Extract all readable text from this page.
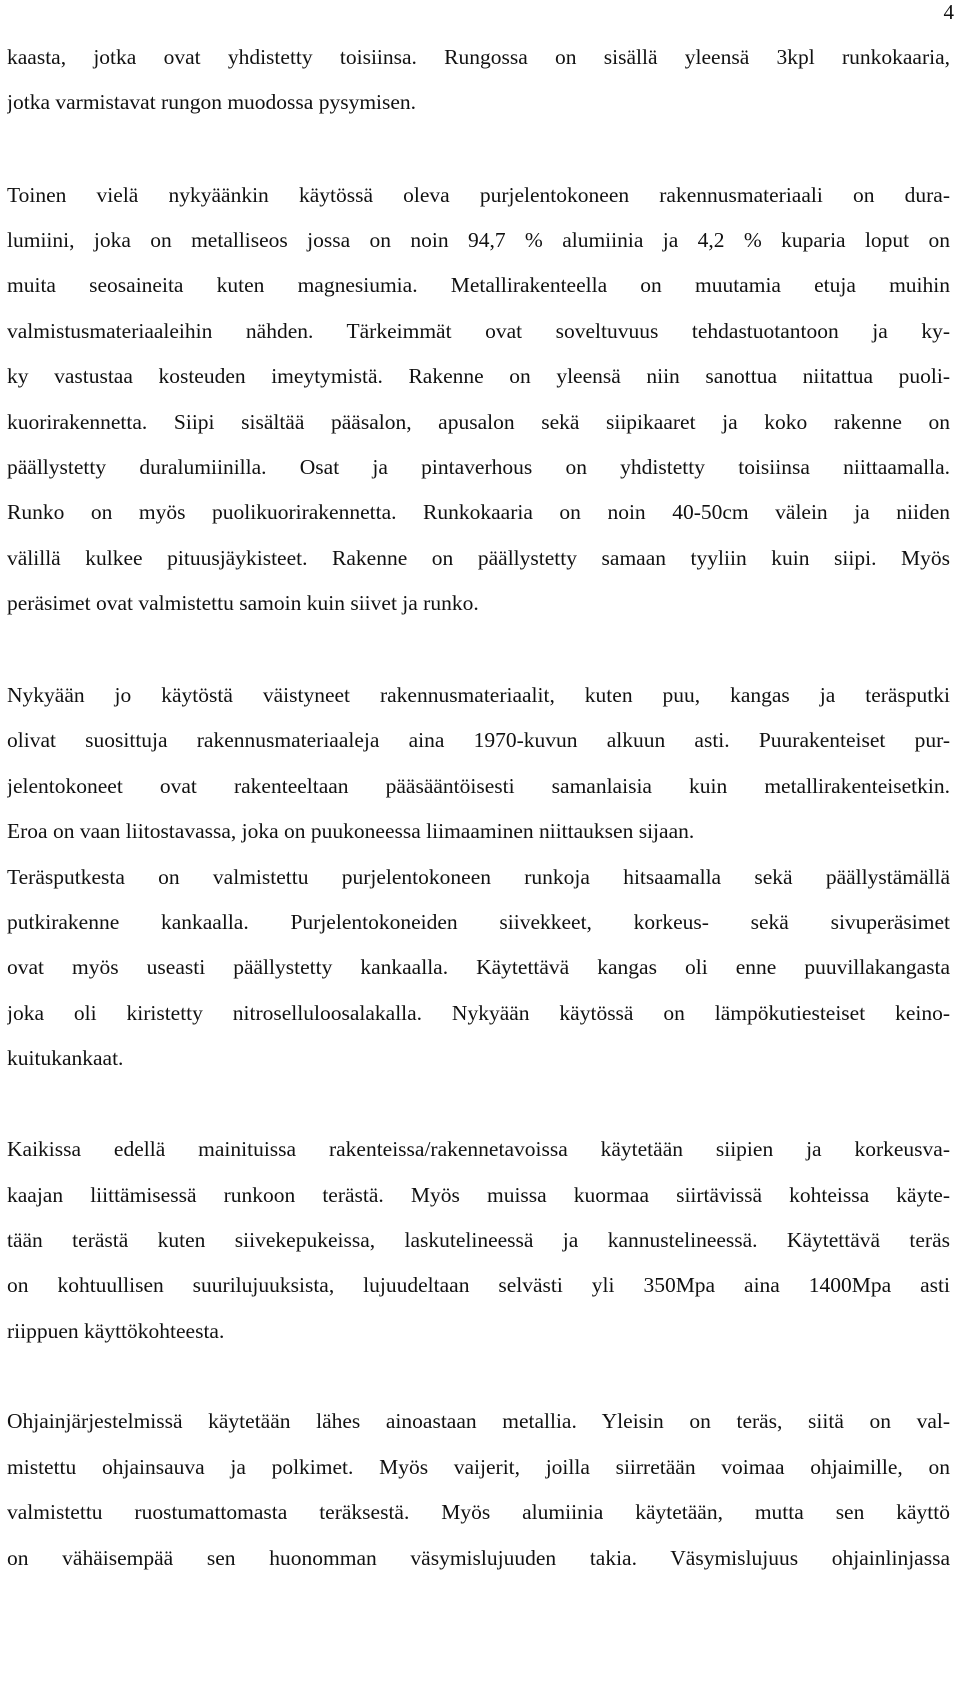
4
kaasta, jotka ovat yhdistetty toisiinsa. Rungossa on sisällä yleensä 3kpl runkokaaria,
jotka varmistavat rungon muodossa pysymisen.
Toinen vielä nykyäänkin käytössä oleva purjelentokoneen rakennusmateriaali on dura-
lumiini, joka on metalliseos jossa on noin 94,7 % alumiinia ja 4,2 % kuparia loput on
muita seosaineita kuten magnesiumia. Metallirakenteella on muutamia etuja muihin
valmistusmateriaaleihin nähden. Tärkeimmät ovat soveltuvuus tehdastuotantoon ja ky-
ky vastustaa kosteuden imeytymistä. Rakenne on yleensä niin sanottua niitattua puoli-
kuorirakennetta. Siipi sisältää pääsalon, apusalon sekä siipikaaret ja koko rakenne on
päällystetty duralumiinilla. Osat ja pintaverhous on yhdistetty toisiinsa niittaamalla.
Runko on myös puolikuorirakennetta. Runkokaaria on noin 40-50cm välein ja niiden
välillä kulkee pituusjäykisteet. Rakenne on päällystetty samaan tyyliin kuin siipi. Myös
peräsimet ovat valmistettu samoin kuin siivet ja runko.
Nykyään jo käytöstä väistyneet rakennusmateriaalit, kuten puu, kangas ja teräsputki
olivat suosittuja rakennusmateriaaleja aina 1970-kuvun alkuun asti. Puurakenteiset pur-
jelentokoneet ovat rakenteeltaan pääsääntöisesti samanlaisia kuin metallirakenteisetkin.
Eroa on vaan liitostavassa, joka on puukoneessa liimaaminen niittauksen sijaan.
Teräsputkesta on valmistettu purjelentokoneen runkoja hitsaamalla sekä päällystämällä
putkirakenne kankaalla. Purjelentokoneiden siivekkeet, korkeus- sekä sivuperäsimet
ovat myös useasti päällystetty kankaalla. Käytettävä kangas oli enne puuvillakangasta
joka oli kiristetty nitroselluloosalakalla. Nykyään käytössä on lämpökutiesteiset keino-
kuitukankaat.
Kaikissa edellä mainituissa rakenteissa/rakennetavoissa käytetään siipien ja korkeusva-
kaajan liittämisessä runkoon terästä. Myös muissa kuormaa siirtävissä kohteissa käyte-
tään terästä kuten siivekepukeissa, laskutelineessä ja kannustelineessä. Käytettävä teräs
on kohtuullisen suurilujuuksista, lujuudeltaan selvästi yli 350Mpa aina 1400Mpa asti
riippuen käyttökohteesta.
Ohjainjärjestelmissä käytetään lähes ainoastaan metallia. Yleisin on teräs, siitä on val-
mistettu ohjainsauva ja polkimet. Myös vaijerit, joilla siirretään voimaa ohjaimille, on
valmistettu ruostumattomasta teräksestä. Myös alumiinia käytetään, mutta sen käyttö
on vähäisempää sen huonomman väsymislujuuden takia. Väsymislujuus ohjainlinjassa
